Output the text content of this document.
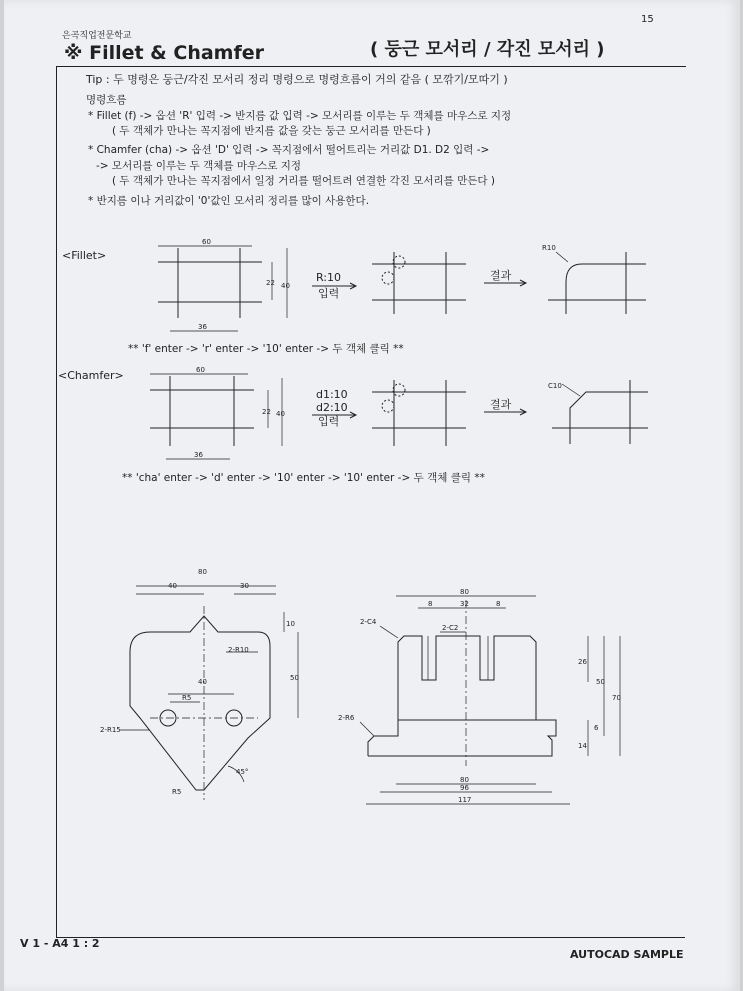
15
은곡직업전문학교
※ Fillet & Chamfer	( 둥근 모서리 / 각진 모서리 )
Tip : 두 명령은 둥근/각진 모서리 정리 명령으로 명령흐름이 거의 같음 ( 모깎기/모따기 )
명령흐름
* Fillet (f) -> 옵션 'R' 입력 -> 반지름 값 입력 -> 모서리를 이루는 두 객체를 마우스로 지정
( 두 객체가 만나는 꼭지점에 반지름 값을 갖는 둥근 모서리를 만든다 )
* Chamfer (cha) -> 옵션 'D' 입력 -> 꼭지점에서 떨어트리는 거리값 D1. D2 입력 ->
-> 모서리를 이루는 두 객체를 마우스로 지정
( 두 객체가 만나는 꼭지점에서 일정 거리를 떨어트려 연결한 각진 모서리를 만든다 )
* 반지름 이나 거리값이 '0'값인 모서리 정리를 많이 사용한다.
<Fillet>
** 'f' enter -> 'r' enter -> '10' enter -> 두 객체 클릭 **
<Chamfer>
** 'cha' enter -> 'd' enter -> '10' enter -> '10' enter -> 두 객체 클릭 **
V 1 - A4 1 : 2
AUTOCAD SAMPLE
60
36
22 40
R:10
입력
결과
R10
60
36
22 40
d1:10
d2:10
입력
결과
C10
80
40	30
10
50
40
2-R10
R5
2-R15
R5
45°
80
8	32	8
26
50
70
14
6
80
96
117
2-C4
2-C2
2-R6
